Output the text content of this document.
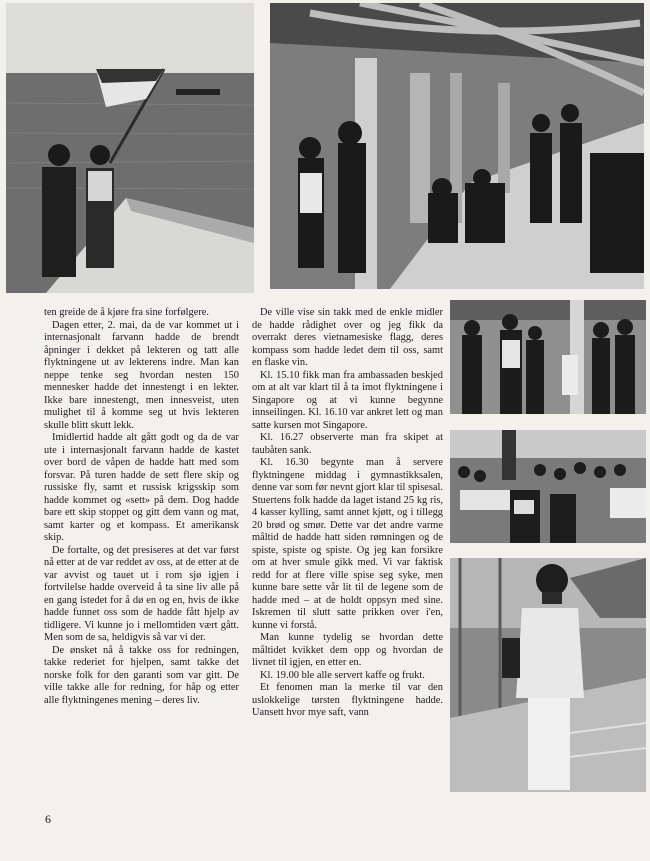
ten greide de å kjøre fra sine forfølgere.

Dagen etter, 2. mai, da de var kommet ut i internasjonalt farvann hadde de brendt åpninger i dekket på lekteren og tatt alle flyktningene ut av lekterens indre. Man kan neppe tenke seg hvordan nesten 150 mennesker hadde det innestengt i en lekter. Ikke bare innestengt, men innesveist, uten mulighet til å komme seg ut hvis lekteren skulle blitt skutt lekk.

Imidlertid hadde alt gått godt og da de var ute i internasjonalt farvann hadde de kastet over bord de våpen de hadde hatt med som forsvar. På turen hadde de sett flere skip og russiske fly, samt et russisk krigsskip som hadde kommet og «sett» på dem. Dog hadde bare ett skip stoppet og gitt dem vann og mat, samt karter og et kompass. Et amerikansk skip.

De fortalte, og det presiseres at det var først nå etter at de var reddet av oss, at de etter at de var avvist og tauet ut i rom sjø igjen i fortvilelse hadde overveid å ta sine liv alle på en gang istedet for å dø en og en, hvis de ikke hadde funnet oss som de hadde fått hjelp av tidligere. Vi kunne jo i mellomtiden vært gått. Men som de sa, heldigvis så var vi der.

De ønsket nå å takke oss for redningen, takke rederiet for hjelpen, samt takke det norske folk for den garanti som var gitt. De ville takke alle for redning, for håp og etter alle flyktningenes mening – deres liv.

De ville vise sin takk med de enkle midler de hadde rådighet over og jeg fikk da overrakt deres vietnamesiske flagg, deres kompass som hadde ledet dem til oss, samt en flaske vin.

Kl. 15.10 fikk man fra ambassaden beskjed om at alt var klart til å ta imot flyktningene i Singapore og at vi kunne begynne innseilingen. Kl. 16.10 var ankret lett og man satte kursen mot Singapore.

Kl. 16.27 observerte man fra skipet at taubåten sank.

Kl. 16.30 begynte man å servere flyktningene middag i gymnastikksalen, denne var som før nevnt gjort klar til spisesal. Stuertens folk hadde da laget istand 25 kg ris, 4 kasser kylling, samt annet kjøtt, og i tillegg 20 brød og smør. Dette var det andre varme måltid de hadde hatt siden rømningen og de spiste, spiste og spiste. Og jeg kan forsikre om at hver smule gikk med. Vi var faktisk redd for at flere ville spise seg syke, men kunne bare sette vår lit til de legene som de hadde med – at de holdt oppsyn med sine. Iskremen til slutt satte prikken over i'en, kunne vi forstå.

Man kunne tydelig se hvordan dette måltidet kvikket dem opp og hvordan de livnet til igjen, en etter en.

Kl. 19.00 ble alle servert kaffe og frukt.

Et fenomen man la merke til var den uslokkelige tørsten flyktningene hadde. Uansett hvor mye saft, vann

6
